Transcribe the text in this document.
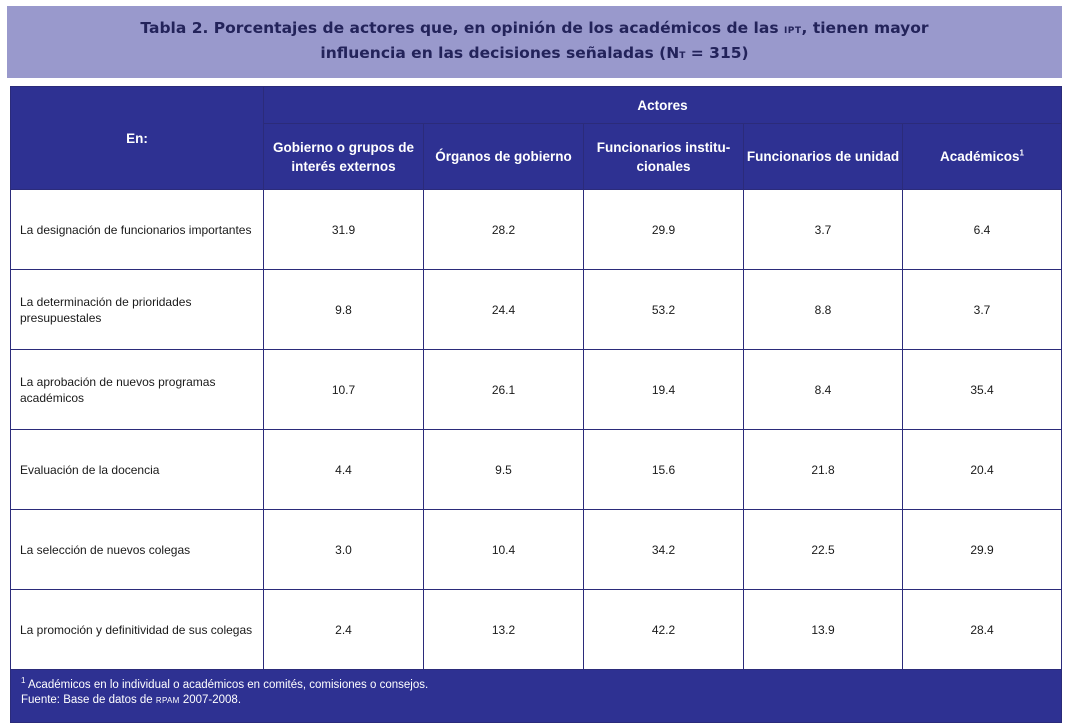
Tabla 2. Porcentajes de actores que, en opinión de los académicos de las IPT, tienen mayor
influencia en las decisiones señaladas (NT = 315)
En:	Actores				
	Gobierno o grupos de interés externos	Órganos de gobierno	Funcionarios institu-cionales	Funcionarios de unidad	Académicos$^1$
La designación de funcionarios importantes	31.9	28.2	29.9	3.7	6.4
La determinación de prioridades presupuestales	9.8	24.4	53.2	8.8	3.7
La aprobación de nuevos programas académicos	10.7	26.1	19.4	8.4	35.4
Evaluación de la docencia	4.4	9.5	15.6	21.8	20.4
La selección de nuevos colegas	3.0	10.4	34.2	22.5	29.9
La promoción y definitividad de sus colegas	2.4	13.2	42.2	13.9	28.4

$^1$ Académicos en lo individual o académicos en comités, comisiones o consejos.
Fuente: Base de datos de RPAM 2007-2008.					
